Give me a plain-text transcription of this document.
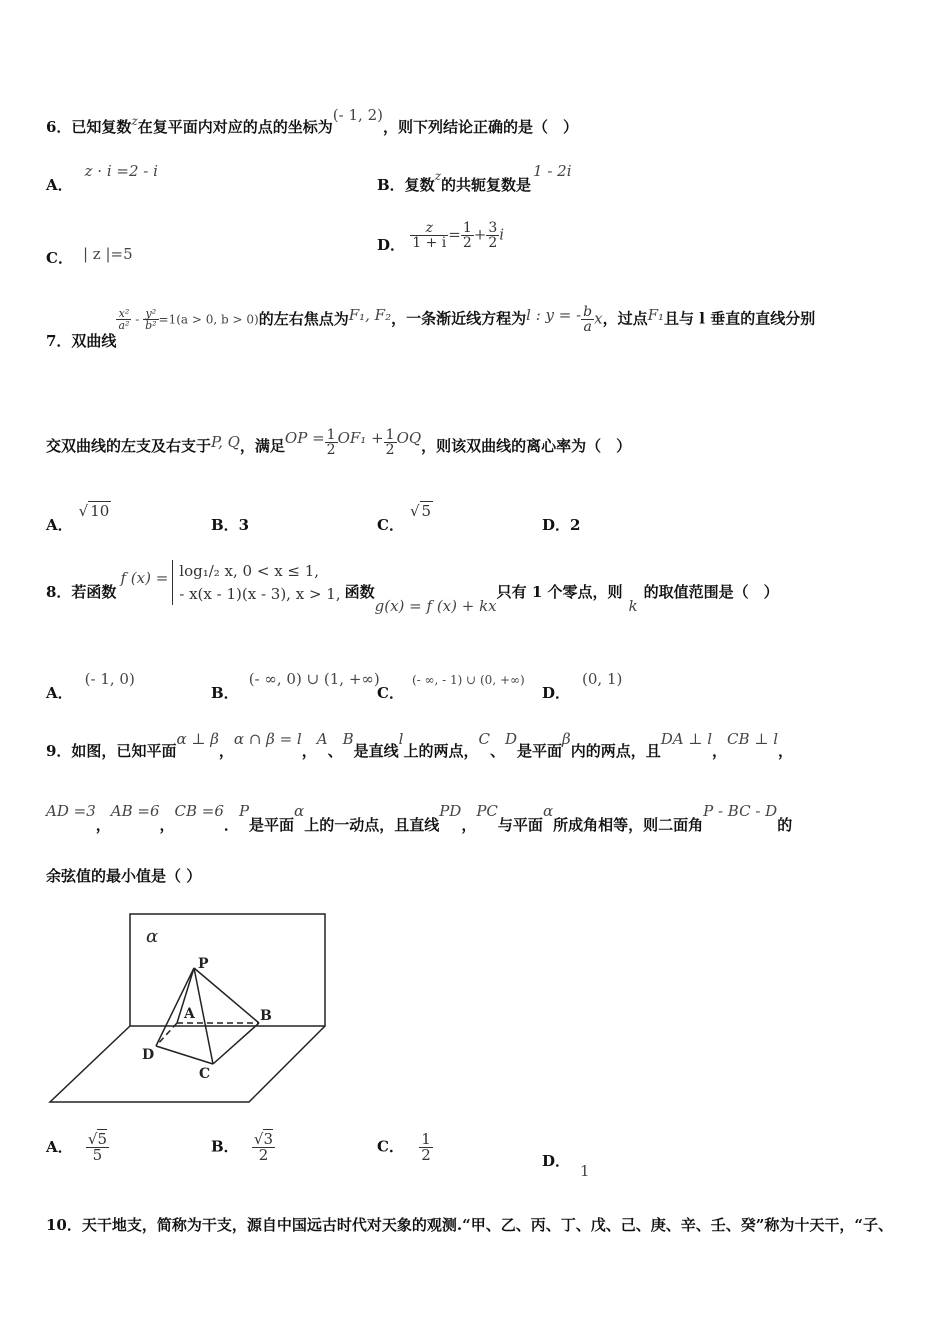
6．已知复数$^z$在复平面内对应的点的坐标为(- 1, 2)，则下列结论正确的是（　）
A．z · i =2 - i
B．复数$_z$的共轭复数是1 - 2i
C． | z |=5
D． $\frac{z}{1 + i} = \frac{1}{2} + \frac{3}{2}$ i
7．双曲线
$\frac{\text{x²}}{\text{a²}} - \frac{\text{y²}}{\text{b²}} =1(a > 0$, b > 0)的左右焦点为F₁, F₂，一条渐近线方程为l : y = - $\frac{b}{a}$ x，过点F₁且与 l 垂直的直线分别
交双曲线的左支及右支于P, Q，满足OP = $\frac{1}{2} OF_1 + \frac{1}{2}$ OQ，则该双曲线的离心率为（　）
A．√ 10
B．3	C．√ 5
D．2
8．若函数f (x) = log₁/₂ x, 0 < x ≤ 1,
- x(x - 1)(x - 3), x > 1, 函数g(x) = f (x) + kx只有 1 个零点，则k的取值范围是（　）
A．(- 1, 0)
B．(- ∞, 0) ∪ (1, +∞)
C．(- ∞, - 1) ∪ (0, +∞)
D．(0, 1)
9．如图，已知平面α ⊥ β，α ∩ β = l，A、B是直线l上的两点，C、D是平面β内的两点，且DA ⊥ l，CB ⊥ l，
AD =3，AB =6，CB =6．P是平面α上的一动点，且直线PD，PC与平面α所成角相等，则二面角P - BC - D的
余弦值的最小值是（ ）
α
P
A	B
C
D
A． $\frac{√5}{5}$	B． $\frac{√3}{2}$	C． $\frac{1}{2}$	D．1
10．天干地支，简称为干支，源自中国远古时代对天象的观测.“甲、乙、丙、丁、戊、己、庚、辛、壬、癸”称为十天干，“子、
